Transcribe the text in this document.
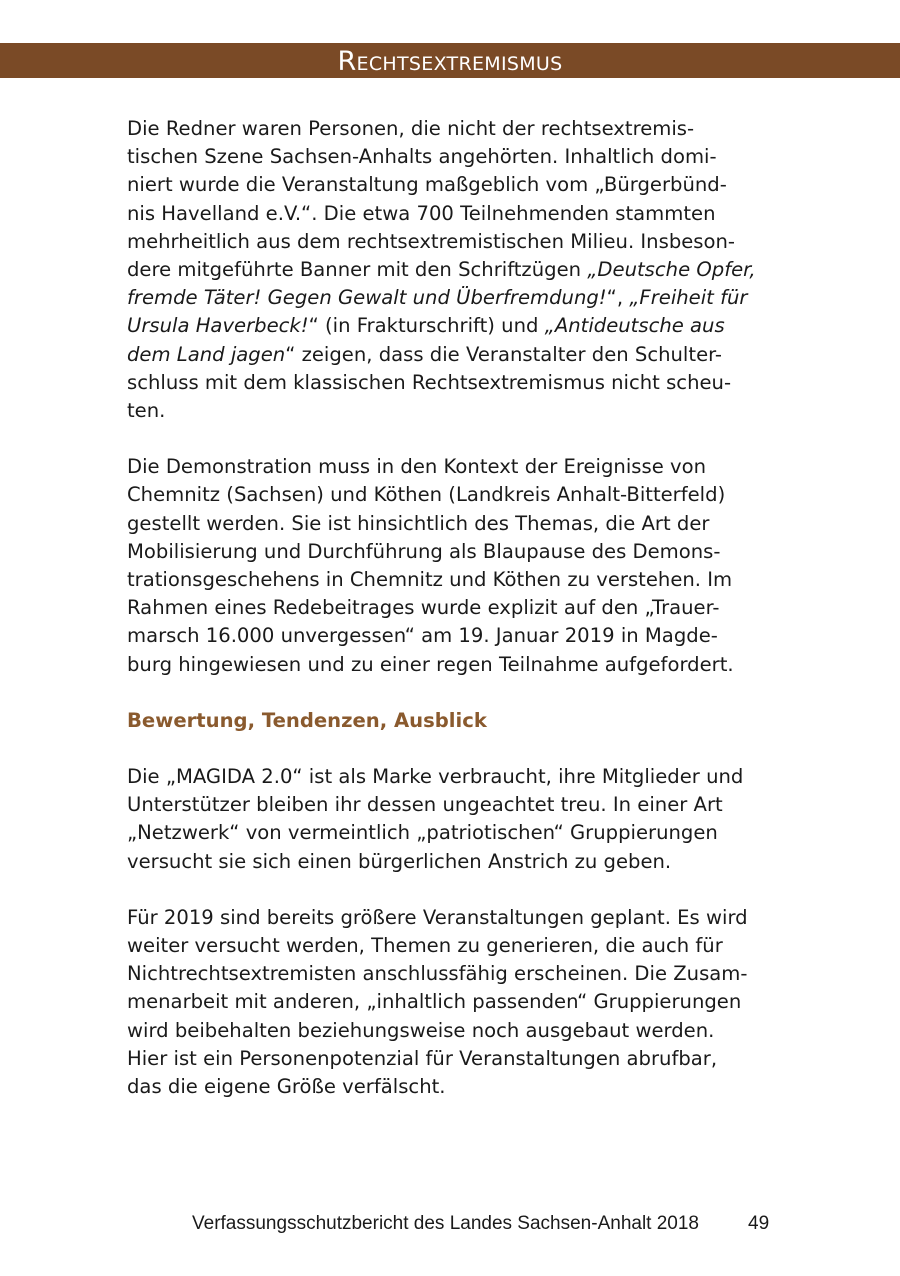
Rechtsextremismus

Die Redner waren Personen, die nicht der rechtsextremis-
tischen Szene Sachsen-Anhalts angehörten. Inhaltlich domi-
niert wurde die Veranstaltung maßgeblich vom „Bürgerbünd-
nis Havelland e.V.“. Die etwa 700 Teilnehmenden stammten
mehrheitlich aus dem rechtsextremistischen Milieu. Insbeson-
dere mitgeführte Banner mit den Schriftzügen „Deutsche Opfer,
fremde Täter! Gegen Gewalt und Überfremdung!“, „Freiheit für
Ursula Haverbeck!“ (in Frakturschrift) und „Antideutsche aus
dem Land jagen“ zeigen, dass die Veranstalter den Schulter-
schluss mit dem klassischen Rechtsextremismus nicht scheu-
ten.

Die Demonstration muss in den Kontext der Ereignisse von
Chemnitz (Sachsen) und Köthen (Landkreis Anhalt-Bitterfeld)
gestellt werden. Sie ist hinsichtlich des Themas, die Art der
Mobilisierung und Durchführung als Blaupause des Demons-
trationsgeschehens in Chemnitz und Köthen zu verstehen. Im
Rahmen eines Redebeitrages wurde explizit auf den „Trauer-
marsch 16.000 unvergessen“ am 19. Januar 2019 in Magde-
burg hingewiesen und zu einer regen Teilnahme aufgefordert.

Bewertung, Tendenzen, Ausblick

Die „MAGIDA 2.0“ ist als Marke verbraucht, ihre Mitglieder und
Unterstützer bleiben ihr dessen ungeachtet treu. In einer Art
„Netzwerk“ von vermeintlich „patriotischen“ Gruppierungen
versucht sie sich einen bürgerlichen Anstrich zu geben.

Für 2019 sind bereits größere Veranstaltungen geplant. Es wird
weiter versucht werden, Themen zu generieren, die auch für
Nichtrechtsextremisten anschlussfähig erscheinen. Die Zusam-
menarbeit mit anderen, „inhaltlich passenden“ Gruppierungen
wird beibehalten beziehungsweise noch ausgebaut werden.
Hier ist ein Personenpotenzial für Veranstaltungen abrufbar,
das die eigene Größe verfälscht.

Verfassungsschutzbericht des Landes Sachsen-Anhalt 2018	49
